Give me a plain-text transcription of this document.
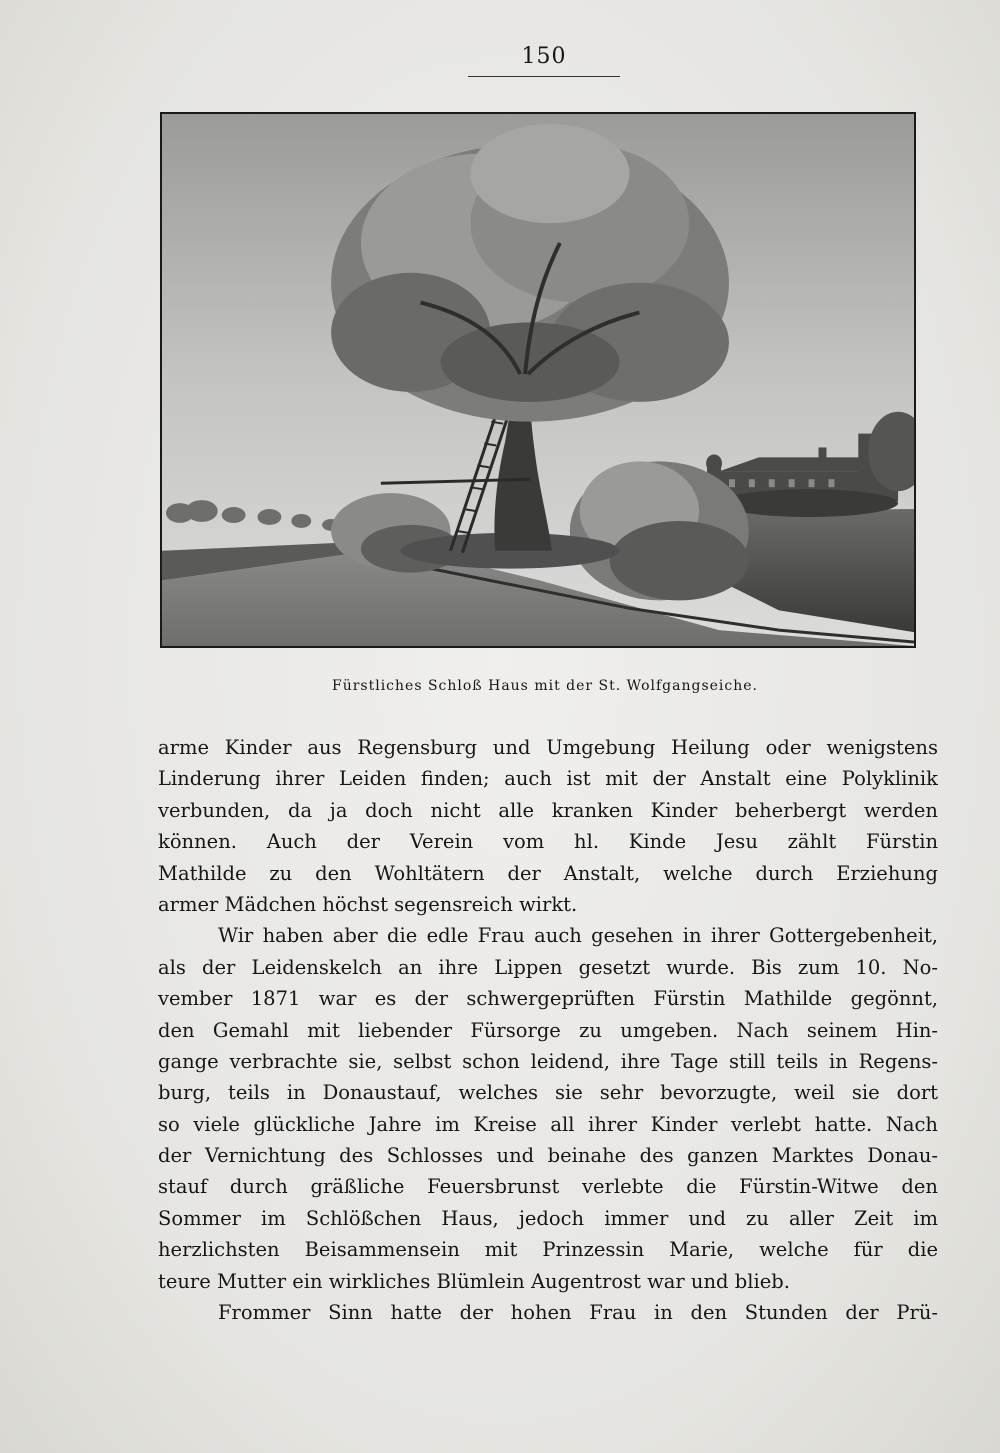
150
Fürstliches Schloß Haus mit der St. Wolfgangseiche.
arme Kinder aus Regensburg und Umgebung Heilung oder wenigstens
Linderung ihrer Leiden finden; auch ist mit der Anstalt eine Polyklinik
verbunden, da ja doch nicht alle kranken Kinder beherbergt werden
können. Auch der Verein vom hl. Kinde Jesu zählt Fürstin
Mathilde zu den Wohltätern der Anstalt, welche durch Erziehung
armer Mädchen höchst segensreich wirkt.
Wir haben aber die edle Frau auch gesehen in ihrer Gottergebenheit,
als der Leidenskelch an ihre Lippen gesetzt wurde. Bis zum 10. No-
vember 1871 war es der schwergeprüften Fürstin Mathilde gegönnt,
den Gemahl mit liebender Fürsorge zu umgeben. Nach seinem Hin-
gange verbrachte sie, selbst schon leidend, ihre Tage still teils in Regens-
burg, teils in Donaustauf, welches sie sehr bevorzugte, weil sie dort
so viele glückliche Jahre im Kreise all ihrer Kinder verlebt hatte. Nach
der Vernichtung des Schlosses und beinahe des ganzen Marktes Donau-
stauf durch gräßliche Feuersbrunst verlebte die Fürstin-Witwe den
Sommer im Schlößchen Haus, jedoch immer und zu aller Zeit im
herzlichsten Beisammensein mit Prinzessin Marie, welche für die
teure Mutter ein wirkliches Blümlein Augentrost war und blieb.
Frommer Sinn hatte der hohen Frau in den Stunden der Prü-
